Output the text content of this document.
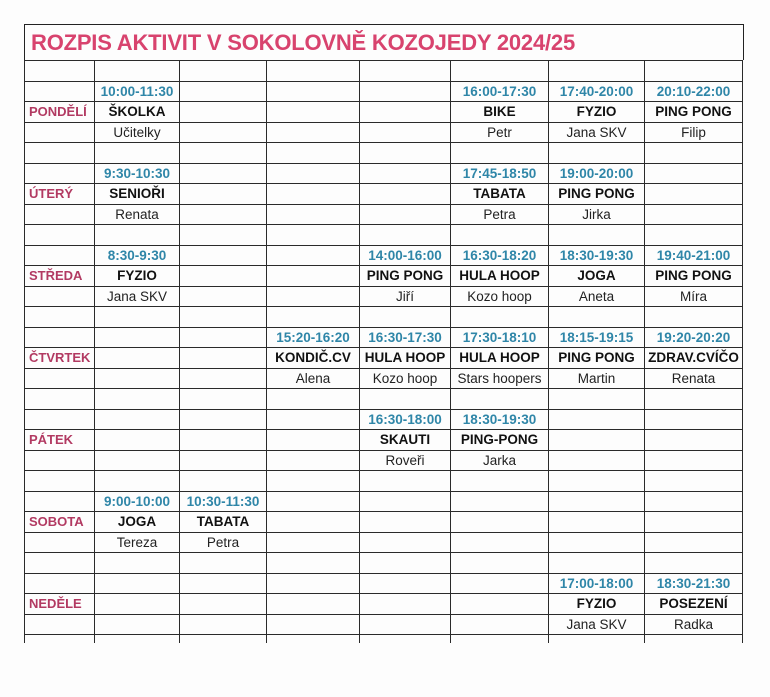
ROZPIS AKTIVIT V SOKOLOVNĚ KOZOJEDY 2024/25

	10:00-11:30				16:00-17:30	17:40-20:00	20:10-22:00
PONDĚLÍ	ŠKOLKA				BIKE	FYZIO	PING PONG
	Učitelky				Petr	Jana SKV	Filip

	9:30-10:30				17:45-18:50	19:00-20:00	
ÚTERÝ	SENIOŘI				TABATA	PING PONG	
	Renata				Petra	Jirka	

	8:30-9:30			14:00-16:00	16:30-18:20	18:30-19:30	19:40-21:00
STŘEDA	FYZIO			PING PONG	HULA HOOP	JOGA	PING PONG
	Jana SKV			Jiří	Kozo hoop	Aneta	Míra

			15:20-16:20	16:30-17:30	17:30-18:10	18:15-19:15	19:20-20:20
ČTVRTEK			KONDIČ.CV	HULA HOOP	HULA HOOP	PING PONG	ZDRAV.CVÍČO
			Alena	Kozo hoop	Stars hoopers	Martin	Renata

				16:30-18:00	18:30-19:30		
PÁTEK				SKAUTI	PING-PONG		
				Roveři	Jarka		

	9:00-10:00	10:30-11:30					
SOBOTA	JOGA	TABATA					
	Tereza	Petra					

						17:00-18:00	18:30-21:30
NEDĚLE						FYZIO	POSEZENÍ
						Jana SKV	Radka
